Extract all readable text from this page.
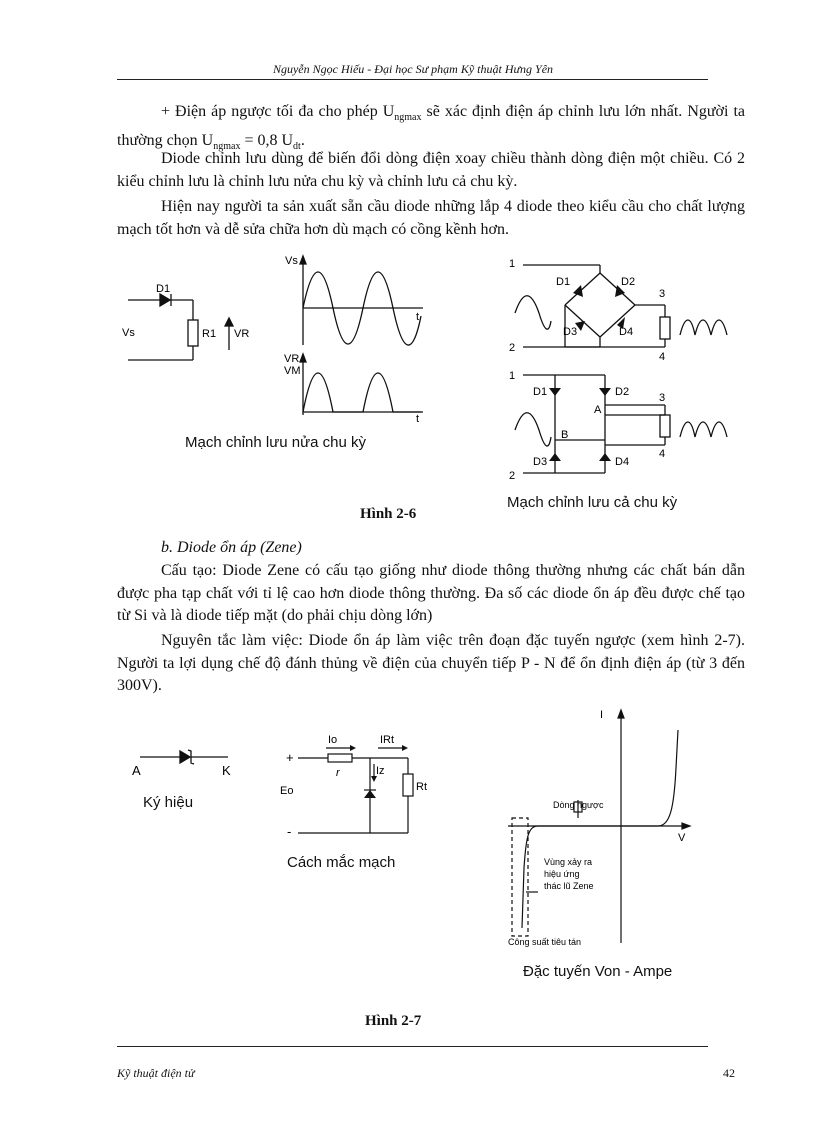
Nguyễn Ngọc Hiếu - Đại học Sư phạm Kỹ thuật Hưng Yên
+ Điện áp ngược tối đa cho phép $U_{ngmax}$ sẽ xác định điện áp chỉnh lưu lớn nhất. Người ta thường chọn $U_{ngmax} = 0,8$ $U_{dt}$.
Diode chỉnh lưu dùng để biến đổi dòng điện xoay chiều thành dòng điện một chiều. Có 2 kiểu chỉnh lưu là chỉnh lưu nửa chu kỳ và chỉnh lưu cả chu kỳ.
Hiện nay người ta sản xuất sẵn cầu diode những lắp 4 diode theo kiểu cầu cho chất lượng mạch tốt hơn và dễ sửa chữa hơn dù mạch có cồng kềnh hơn.
D1
Vs	R1 VR
Vs
t
VR
VM
t
Mạch chỉnh lưu nửa chu kỳ
1
2
3
4
D1	D2
D3	D4
1
2
3
4
D1	D2
D3	D4
A
B
Mạch chỉnh lưu cả chu kỳ
Hình 2-6
b. Diode ổn áp (Zene)
Cấu tạo: Diode Zene có cấu tạo giống như diode thông thường nhưng các chất bán dẫn được pha tạp chất với tỉ lệ cao hơn diode thông thường. Đa số các diode ổn áp đều được chế tạo từ Si và là diode tiếp mặt (do phải chịu dòng lớn)
Nguyên tắc làm việc: Diode ổn áp làm việc trên đoạn đặc tuyến ngược (xem hình 2-7). Người ta lợi dụng chế độ đánh thủng về điện của chuyển tiếp P - N để ổn định điện áp (từ 3 đến 300V).
A	K
Ký hiệu
Io	IRt
r	Iz
Eo	Rt
+
-
Cách mắc mạch
I
V
Dòng ngược
Vùng xảy ra
hiệu ứng
thác lũ Zene
Công suất tiêu tán
Đặc tuyến Von - Ampe
Hình 2-7
Kỹ thuật điện tử	42
